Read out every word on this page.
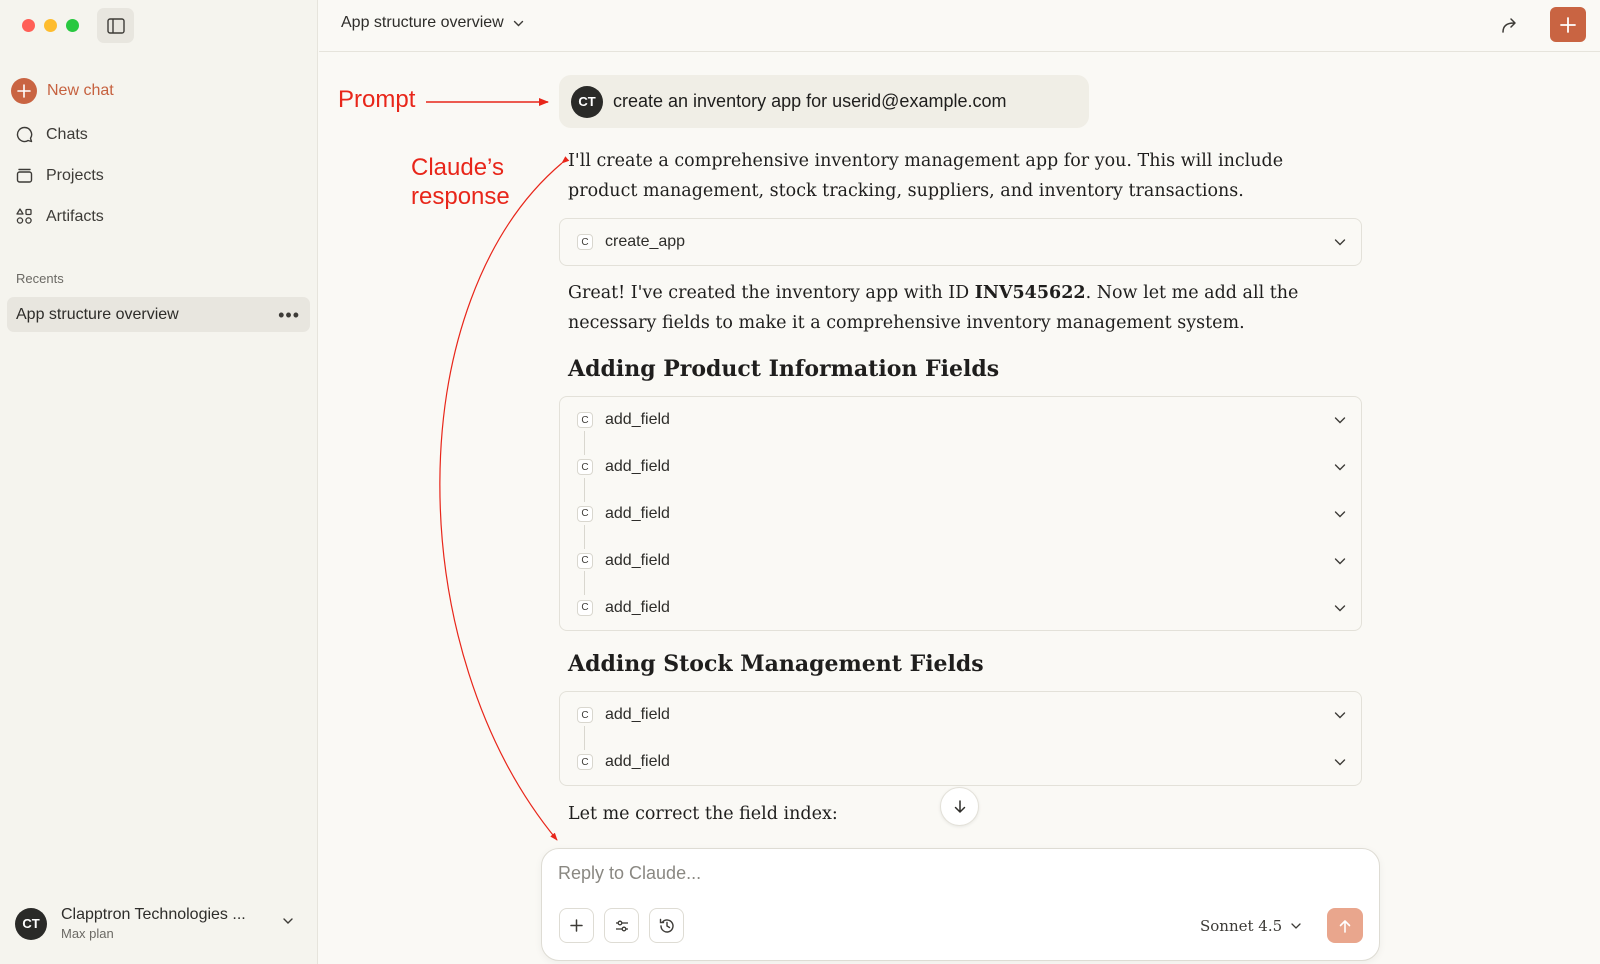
New chat
Chats
Projects
Artifacts
Recents
App structure overview	•••
CT
Clapptron Technologies ...
Max plan
App structure overview
Prompt
Claude’s
response
CT create an inventory app for userid@example.com
I'll create a comprehensive inventory management app for you. This will include product management, stock tracking, suppliers, and inventory transactions.
C create_app
Great! I've created the inventory app with ID INV545622. Now let me add all the necessary fields to make it a comprehensive inventory management system.
Adding Product Information Fields
C add_field
C add_field
C add_field
C add_field
C add_field
Adding Stock Management Fields
C add_field
C add_field
Let me correct the field index:
Reply to Claude...
Sonnet 4.5
